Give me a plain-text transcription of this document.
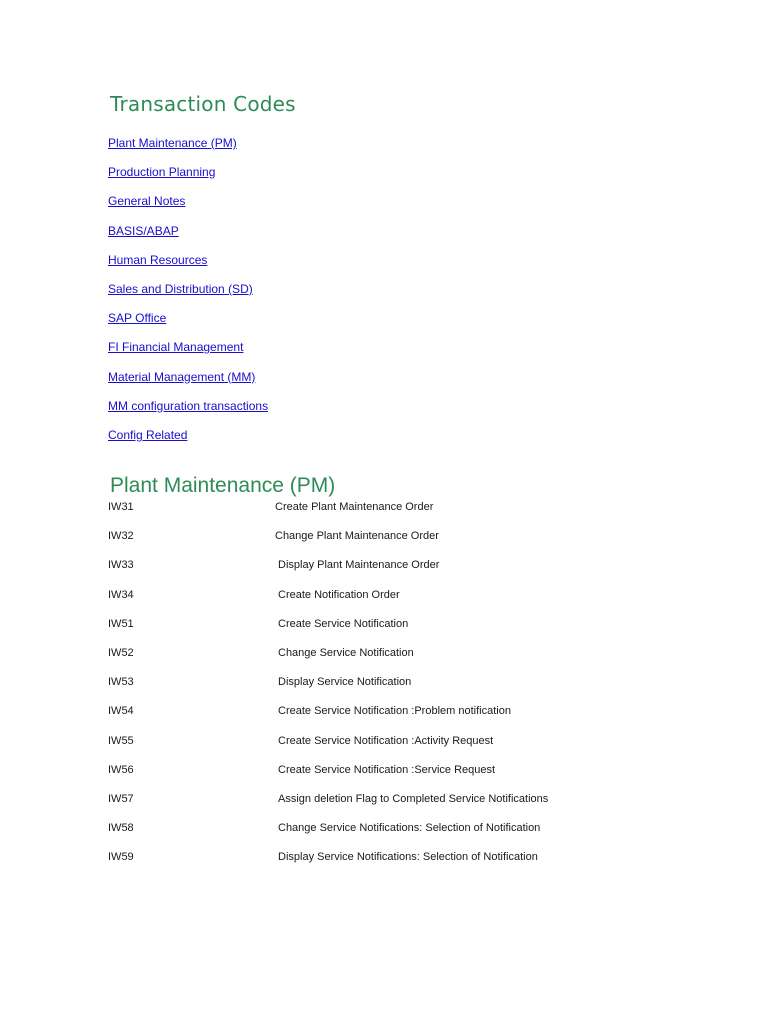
Transaction Codes
Plant Maintenance (PM)
Production Planning
General Notes
BASIS/ABAP
Human Resources
Sales and Distribution (SD)
SAP Office
FI Financial Management
Material Management (MM)
MM configuration transactions
Config Related
Plant Maintenance (PM)
IW31	Create Plant Maintenance Order
IW32	Change Plant Maintenance Order
IW33	Display Plant Maintenance Order
IW34	Create Notification Order
IW51	Create Service Notification
IW52	Change Service Notification
IW53	Display Service Notification
IW54	Create Service Notification :Problem notification
IW55	Create Service Notification :Activity Request
IW56	Create Service Notification :Service Request
IW57	Assign deletion Flag to Completed Service Notifications
IW58	Change Service Notifications: Selection of Notification
IW59	Display Service Notifications: Selection of Notification
